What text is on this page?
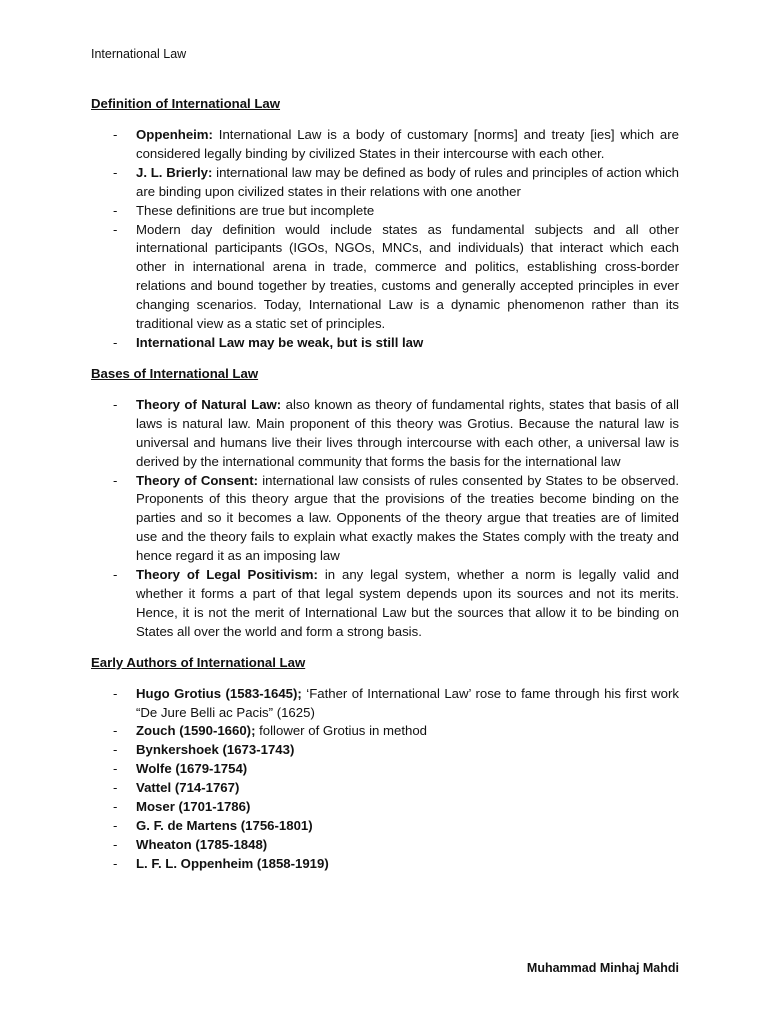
International Law
Definition of International Law
- Oppenheim: International Law is a body of customary [norms] and treaty [ies] which are considered legally binding by civilized States in their intercourse with each other.
- J. L. Brierly: international law may be defined as body of rules and principles of action which are binding upon civilized states in their relations with one another
- These definitions are true but incomplete
- Modern day definition would include states as fundamental subjects and all other international participants (IGOs, NGOs, MNCs, and individuals) that interact which each other in international arena in trade, commerce and politics, establishing cross-border relations and bound together by treaties, customs and generally accepted principles in ever changing scenarios. Today, International Law is a dynamic phenomenon rather than its traditional view as a static set of principles.
- International Law may be weak, but is still law
Bases of International Law
- Theory of Natural Law: also known as theory of fundamental rights, states that basis of all laws is natural law. Main proponent of this theory was Grotius. Because the natural law is universal and humans live their lives through intercourse with each other, a universal law is derived by the international community that forms the basis for the international law
- Theory of Consent: international law consists of rules consented by States to be observed. Proponents of this theory argue that the provisions of the treaties become binding on the parties and so it becomes a law. Opponents of the theory argue that treaties are of limited use and the theory fails to explain what exactly makes the States comply with the treaty and hence regard it as an imposing law
- Theory of Legal Positivism: in any legal system, whether a norm is legally valid and whether it forms a part of that legal system depends upon its sources and not its merits. Hence, it is not the merit of International Law but the sources that allow it to be binding on States all over the world and form a strong basis.
Early Authors of International Law
- Hugo Grotius (1583-1645); ‘Father of International Law’ rose to fame through his first work “De Jure Belli ac Pacis” (1625)
- Zouch (1590-1660); follower of Grotius in method
- Bynkershoek (1673-1743)
- Wolfe (1679-1754)
- Vattel (714-1767)
- Moser (1701-1786)
- G. F. de Martens (1756-1801)
- Wheaton (1785-1848)
- L. F. L. Oppenheim (1858-1919)
Muhammad Minhaj Mahdi
